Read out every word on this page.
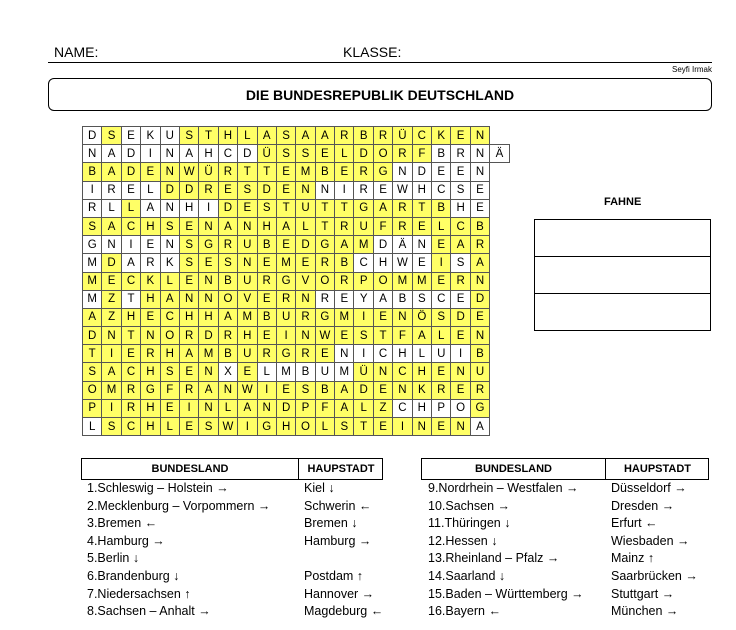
NAME:	KLASSE:
Seyfi Irmak
DIE BUNDESREPUBLIK DEUTSCHLAND
D	S	E	K	U	S	T	H	L	A	S	A	A	R	B	R	Ü	C	K	E	N	
N	A	D	I	N	A	H	C	D	Ü	S	S	E	L	D	O	R	F	B	R	N	Ä
B	A	D	E	N	W	Ü	R	T	T	E	M	B	E	R	G	N	D	E	E	N	
I	R	E	L	D	D	R	E	S	D	E	N	N	I	R	E	W	H	C	S	E	
R	L	L	A	N	H	I	D	E	S	T	U	T	T	G	A	R	T	B	H	E	
S	A	C	H	S	E	N	A	N	H	A	L	T	R	U	F	R	E	L	C	B	
G	N	I	E	N	S	G	R	U	B	E	D	G	A	M	D	Ä	N	E	A	R	
M	D	A	R	K	S	E	S	N	E	M	E	R	B	C	H	W	E	I	S	A	
M	E	C	K	L	E	N	B	U	R	G	V	O	R	P	O	M	M	E	R	N	
M	Z	T	H	A	N	N	O	V	E	R	N	R	E	Y	A	B	S	C	E	D	
A	Z	H	E	C	H	H	A	M	B	U	R	G	M	I	E	N	Ö	S	D	E	
D	N	T	N	O	R	D	R	H	E	I	N	W	E	S	T	F	A	L	E	N	
T	I	E	R	H	A	M	B	U	R	G	R	E	N	I	C	H	L	U	I	B	
S	A	C	H	S	E	N	X	E	L	M	B	U	M	Ü	N	C	H	E	N	U	
O	M	R	G	F	R	A	N	W	I	E	S	B	A	D	E	N	K	R	E	R	
P	I	R	H	E	I	N	L	A	N	D	P	F	A	L	Z	C	H	P	O	G	
L	S	C	H	L	E	S	W	I	G	H	O	L	S	T	E	I	N	E	N	A	
FAHNE
BUNDESLAND	HAUPSTADT
1.Schleswig – Holstein →	Kiel ↓
2.Mecklenburg – Vorpommern →	Schwerin ←
3.Bremen ←	Bremen ↓
4.Hamburg →	Hamburg →
5.Berlin ↓
6.Brandenburg ↓	Postdam ↑
7.Niedersachsen ↑	Hannover →
8.Sachsen – Anhalt →	Magdeburg ←
BUNDESLAND	HAUPSTADT
9.Nordrhein – Westfalen →	Düsseldorf →
10.Sachsen →	Dresden →
11.Thüringen ↓	Erfurt ←
12.Hessen ↓	Wiesbaden →
13.Rheinland – Pfalz →	Mainz ↑
14.Saarland ↓	Saarbrücken →
15.Baden – Württemberg → Stuttgart →
16.Bayern ←	München →
